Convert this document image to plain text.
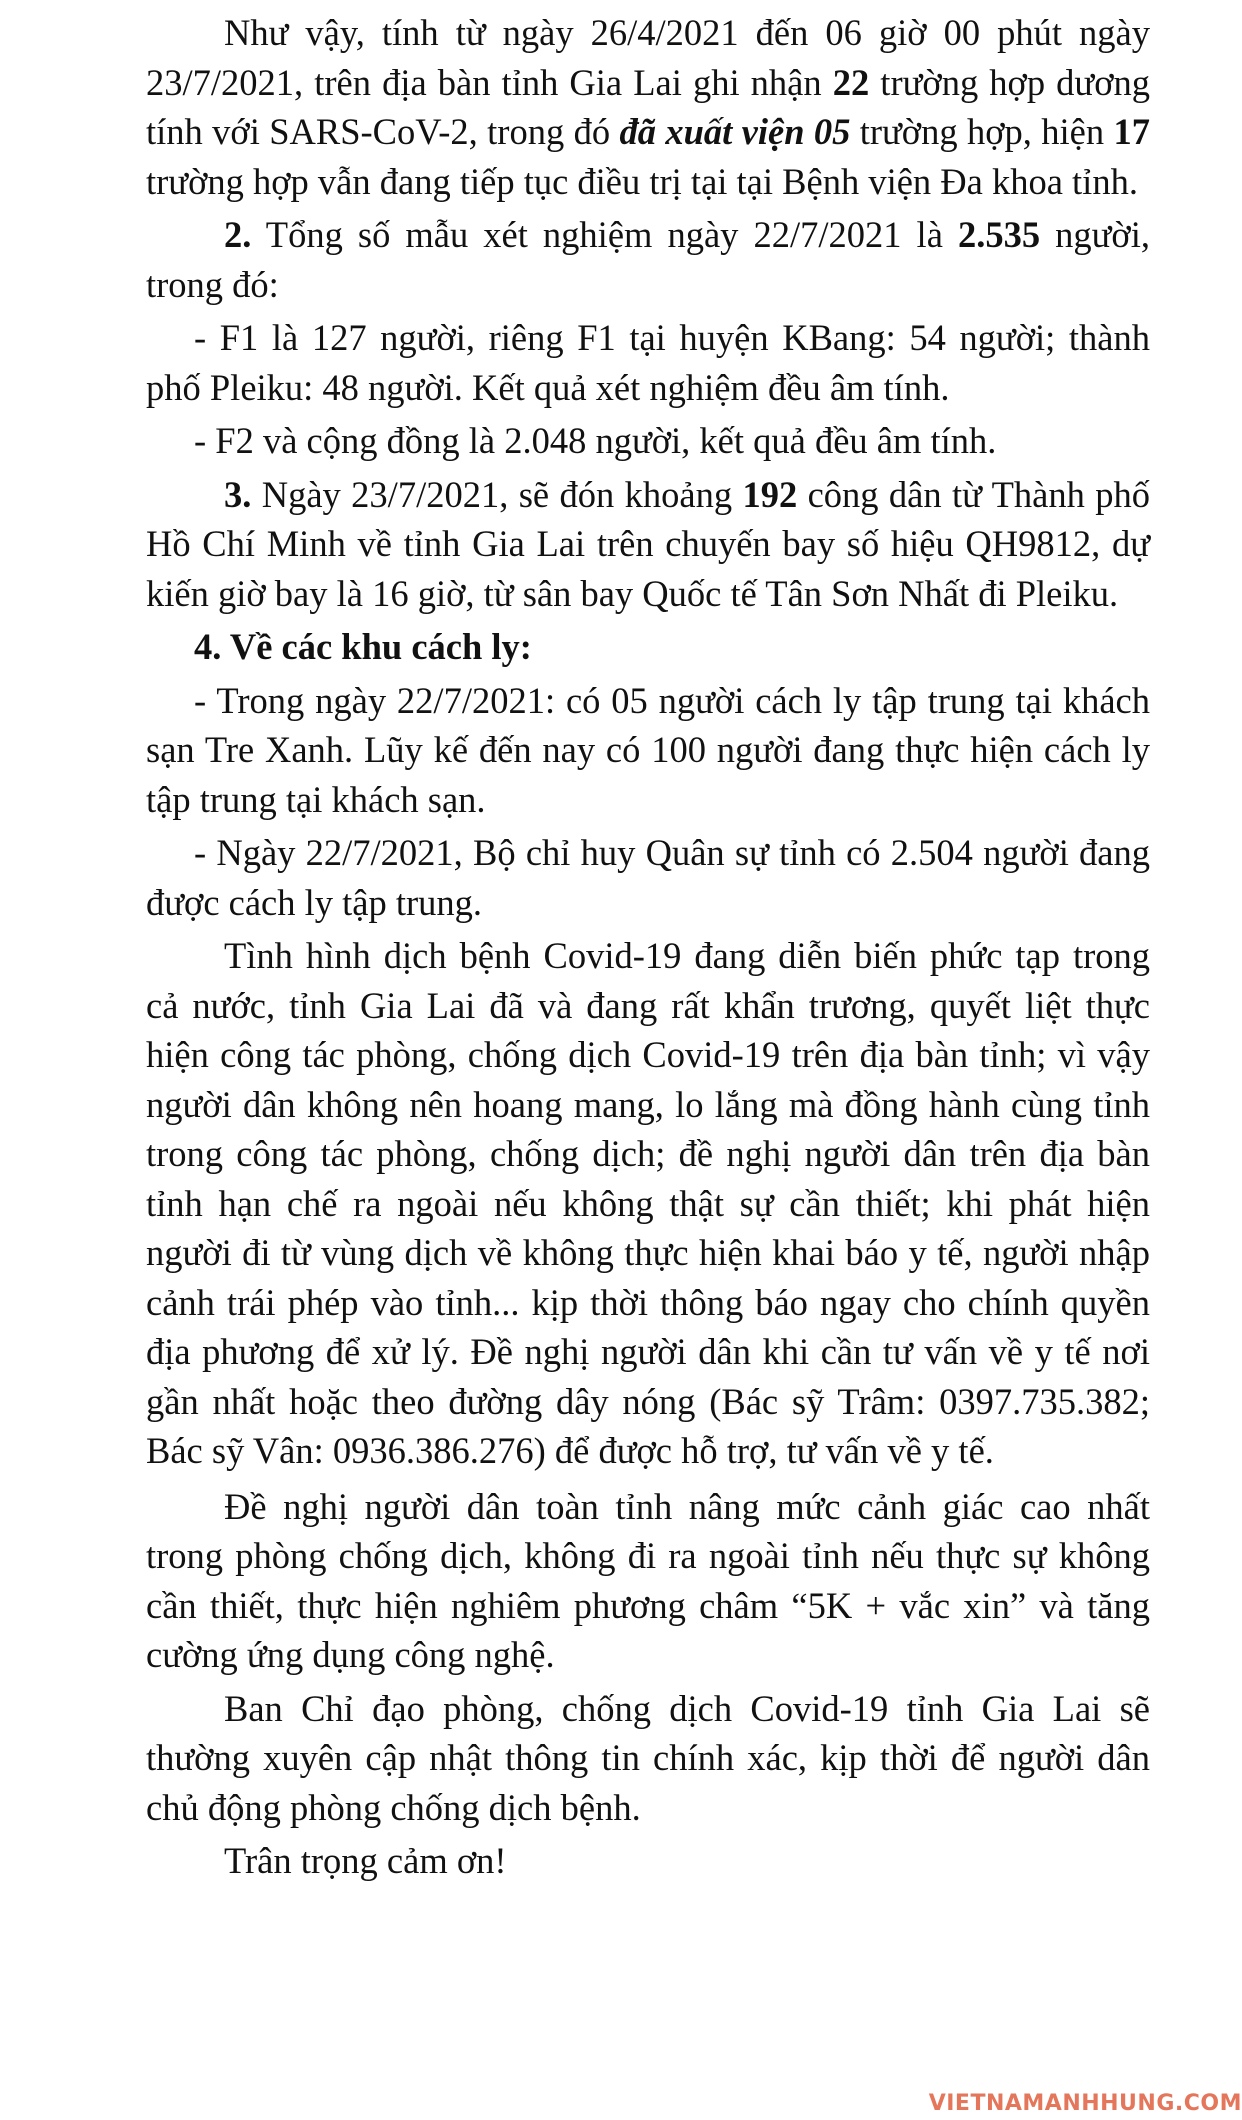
Như vậy, tính từ ngày 26/4/2021 đến 06 giờ 00 phút ngày 23/7/2021, trên địa bàn tỉnh Gia Lai ghi nhận 22 trường hợp dương tính với SARS-CoV-2, trong đó đã xuất viện 05 trường hợp, hiện 17 trường hợp vẫn đang tiếp tục điều trị tại tại Bệnh viện Đa khoa tỉnh.

2. Tổng số mẫu xét nghiệm ngày 22/7/2021 là 2.535 người, trong đó:

- F1 là 127 người, riêng F1 tại huyện KBang: 54 người; thành phố Pleiku: 48 người. Kết quả xét nghiệm đều âm tính.

- F2 và cộng đồng là 2.048 người, kết quả đều âm tính.

3. Ngày 23/7/2021, sẽ đón khoảng 192 công dân từ Thành phố Hồ Chí Minh về tỉnh Gia Lai trên chuyến bay số hiệu QH9812, dự kiến giờ bay là 16 giờ, từ sân bay Quốc tế Tân Sơn Nhất đi Pleiku.

4. Về các khu cách ly:

- Trong ngày 22/7/2021: có 05 người cách ly tập trung tại khách sạn Tre Xanh. Lũy kế đến nay có 100 người đang thực hiện cách ly tập trung tại khách sạn.

- Ngày 22/7/2021, Bộ chỉ huy Quân sự tỉnh có 2.504 người đang được cách ly tập trung.

Tình hình dịch bệnh Covid-19 đang diễn biến phức tạp trong cả nước, tỉnh Gia Lai đã và đang rất khẩn trương, quyết liệt thực hiện công tác phòng, chống dịch Covid-19 trên địa bàn tỉnh; vì vậy người dân không nên hoang mang, lo lắng mà đồng hành cùng tỉnh trong công tác phòng, chống dịch; đề nghị người dân trên địa bàn tỉnh hạn chế ra ngoài nếu không thật sự cần thiết; khi phát hiện người đi từ vùng dịch về không thực hiện khai báo y tế, người nhập cảnh trái phép vào tỉnh... kịp thời thông báo ngay cho chính quyền địa phương để xử lý. Đề nghị người dân khi cần tư vấn về y tế nơi gần nhất hoặc theo đường dây nóng (Bác sỹ Trâm: 0397.735.382; Bác sỹ Vân: 0936.386.276) để được hỗ trợ, tư vấn về y tế.

Đề nghị người dân toàn tỉnh nâng mức cảnh giác cao nhất trong phòng chống dịch, không đi ra ngoài tỉnh nếu thực sự không cần thiết, thực hiện nghiêm phương châm “5K + vắc xin” và tăng cường ứng dụng công nghệ.

Ban Chỉ đạo phòng, chống dịch Covid-19 tỉnh Gia Lai sẽ thường xuyên cập nhật thông tin chính xác, kịp thời để người dân chủ động phòng chống dịch bệnh.

Trân trọng cảm ơn!

VIETNAMANHHUNG.COM
